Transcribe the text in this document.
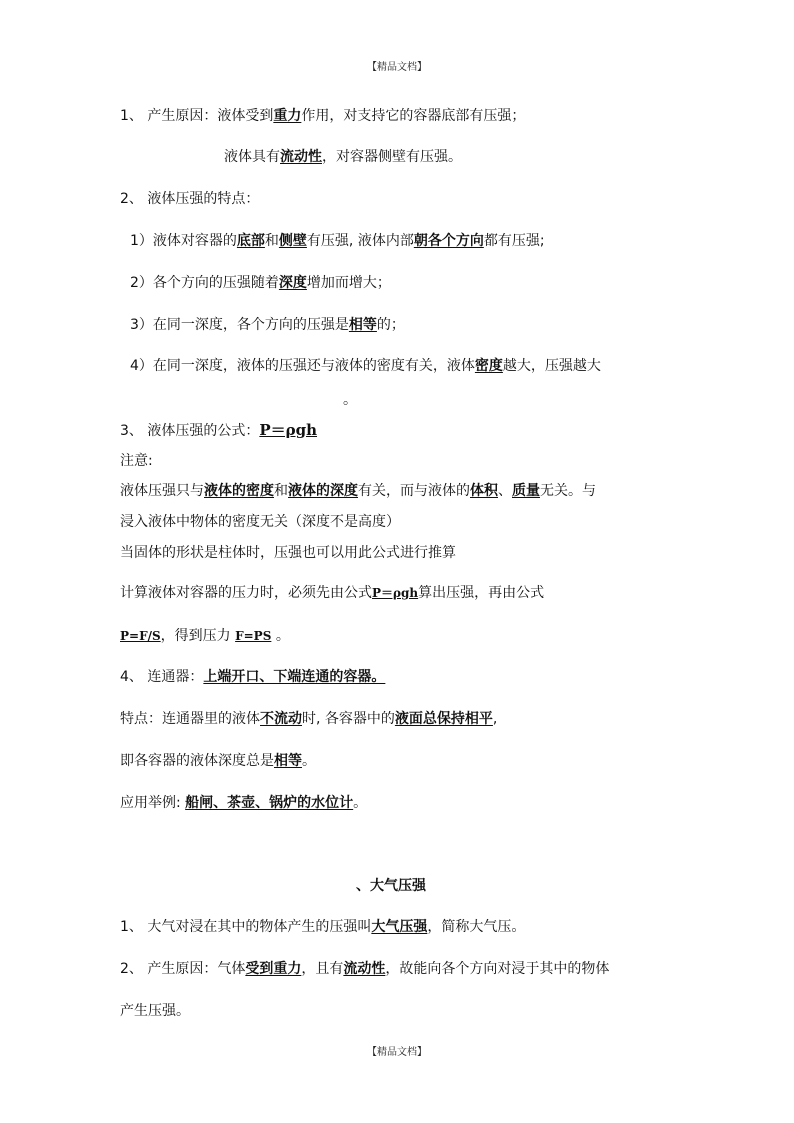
【精品文档】
1、 产生原因：液体受到重力作用，对支持它的容器底部有压强；
液体具有流动性，对容器侧壁有压强。
2、 液体压强的特点：
1）液体对容器的底部和侧壁有压强, 液体内部朝各个方向都有压强;
2）各个方向的压强随着深度增加而增大；
3）在同一深度，各个方向的压强是相等的；
4）在同一深度，液体的压强还与液体的密度有关，液体密度越大，压强越大
。
3、 液体压强的公式：P＝ρgh
注意:
液体压强只与液体的密度和液体的深度有关，而与液体的体积、质量无关。与
浸入液体中物体的密度无关（深度不是高度）
当固体的形状是柱体时，压强也可以用此公式进行推算
计算液体对容器的压力时，必须先由公式P＝ρgh算出压强，再由公式
P=F/S，得到压力 F=PS 。
4、 连通器：上端开口、下端连通的容器。
特点：连通器里的液体不流动时, 各容器中的液面总保持相平,
即各容器的液体深度总是相等。
应用举例: 船闸、茶壶、锅炉的水位计。
、大气压强
1、 大气对浸在其中的物体产生的压强叫大气压强，简称大气压。
2、 产生原因：气体受到重力，且有流动性，故能向各个方向对浸于其中的物体
产生压强。
【精品文档】
